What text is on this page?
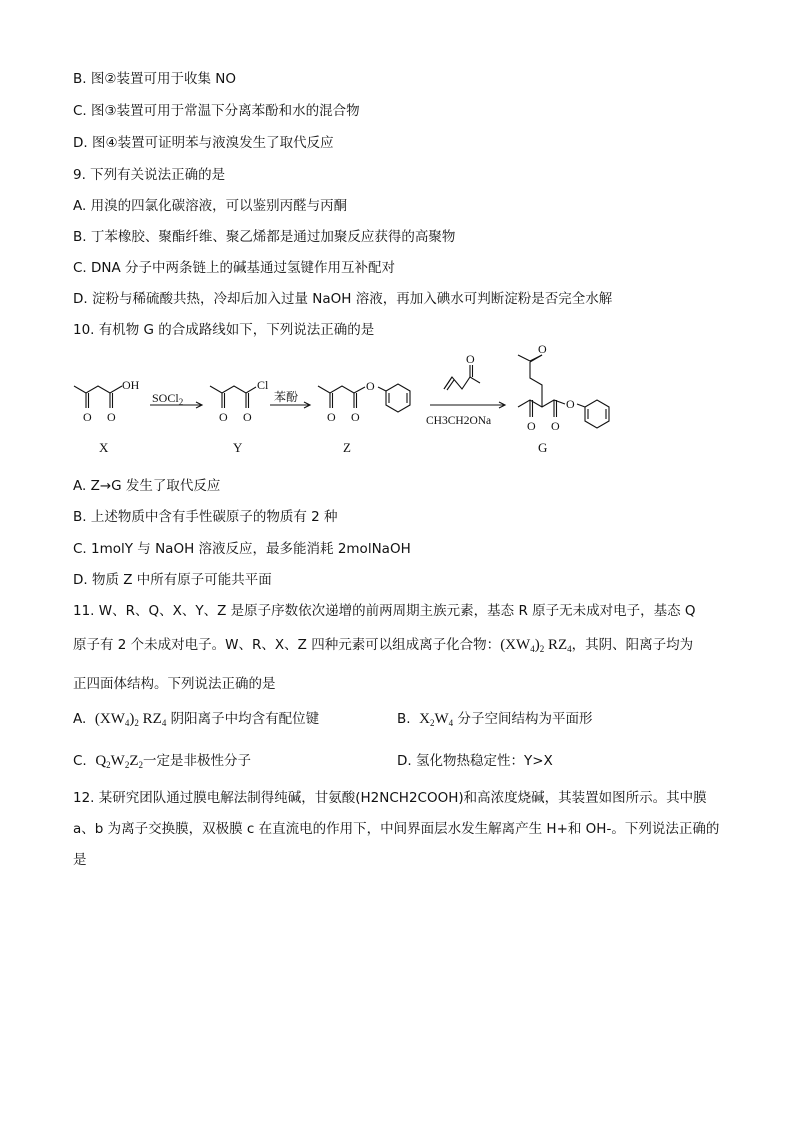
B. 图②装置可用于收集 NO
C. 图③装置可用于常温下分离苯酚和水的混合物
D. 图④装置可证明苯与液溴发生了取代反应
9. 下列有关说法正确的是
A. 用溴的四氯化碳溶液，可以鉴别丙醛与丙酮
B. 丁苯橡胶、聚酯纤维、聚乙烯都是通过加聚反应获得的高聚物
C. DNA 分子中两条链上的碱基通过氢键作用互补配对
D. 淀粉与稀硫酸共热，冷却后加入过量 NaOH 溶液，再加入碘水可判断淀粉是否完全水解
10. 有机物 G 的合成路线如下，下列说法正确的是
OH
O O
Cl
O O
O
O O
O
O
O
O O
SOCl$_2$	苯酚
CH3CH2ONa
X	Y	Z	G
A. Z→G 发生了取代反应
B. 上述物质中含有手性碳原子的物质有 2 种
C. 1molY 与 NaOH 溶液反应，最多能消耗 2molNaOH
D. 物质 Z 中所有原子可能共平面
11. W、R、Q、X、Y、Z 是原子序数依次递增的前两周期主族元素，基态 R 原子无未成对电子，基态 Q
原子有 2 个未成对电子。W、R、X、Z 四种元素可以组成离子化合物：$(XW_4)_2$ $RZ_4$，其阴、阳离子均为
正四面体结构。下列说法正确的是
A. $(XW_4)_2$ $RZ_4$ 阴阳离子中均含有配位键	B. $X_2W_4$ 分子空间结构为平面形
C. $Q_2W_2Z_2$一定是非极性分子	D. 氢化物热稳定性：Y>X
12. 某研究团队通过膜电解法制得纯碱，甘氨酸(H2NCH2COOH)和高浓度烧碱，其装置如图所示。其中膜
a、b 为离子交换膜，双极膜 c 在直流电的作用下，中间界面层水发生解离产生 H+和 OH-。下列说法正确的
是
